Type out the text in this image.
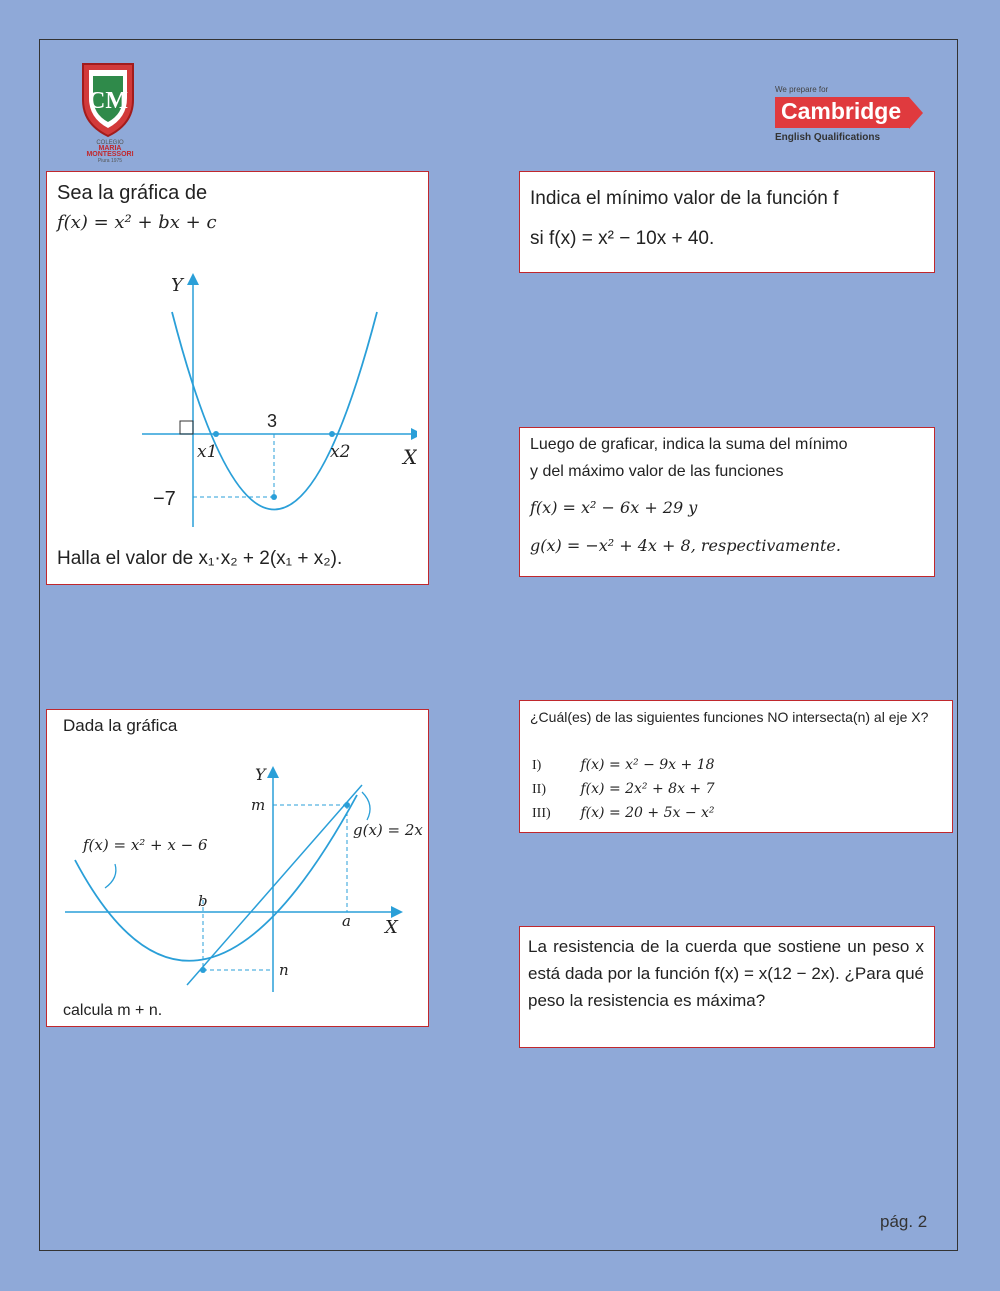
CM
COLEGIO
MARIA
MONTESSORI
Piura 1975
We prepare for
Cambridge
English Qualifications

Sea la gráfica de

f(x) = x² + bx + c

Y
X
3
−7
x1	x2

Halla el valor de x₁·x₂ + 2(x₁ + x₂).

Indica el mínimo valor de la función f

si f(x) = x² − 10x + 40.

Luego de graficar, indica la suma del mínimo
y del máximo valor de las funciones
f(x) = x² − 6x + 29 y
g(x) = −x² + 4x + 8, respectivamente.
Dada la gráfica
Y
X
f(x) = x² + x − 6
g(x) = 2x
m
n
a
b
calcula m + n.
¿Cuál(es) de las siguientes funciones NO intersecta(n) al eje X?
I)	f(x) = x² − 9x + 18
II) f(x) = 2x² + 8x + 7
III) f(x) = 20 + 5x − x²
La resistencia de la cuerda que sostiene un peso x está dada por la función f(x) = x(12 − 2x). ¿Para qué peso la resistencia es máxima?
pág. 2
